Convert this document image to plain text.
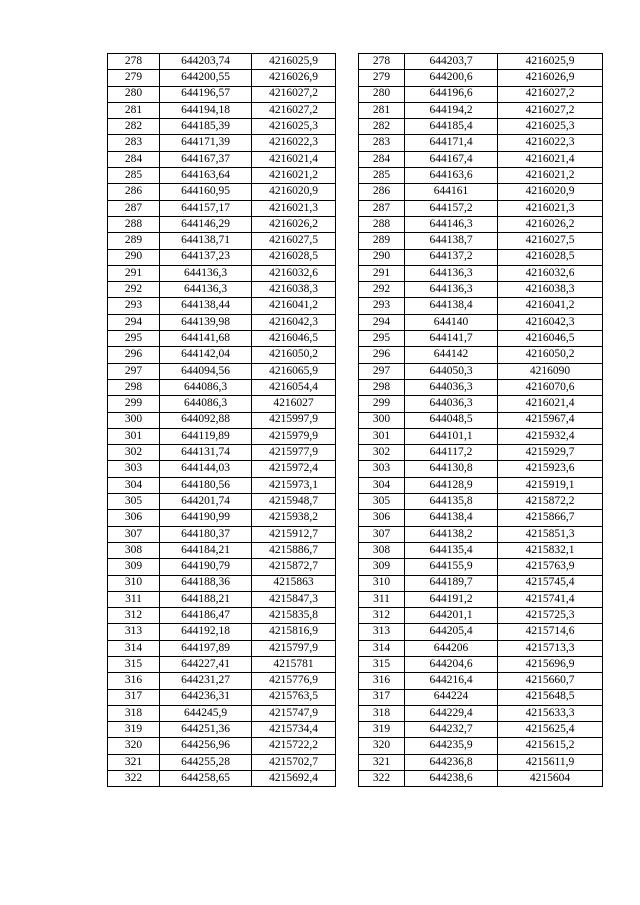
278	644203,74	4216025,9
279	644200,55	4216026,9
280	644196,57	4216027,2
281	644194,18	4216027,2
282	644185,39	4216025,3
283	644171,39	4216022,3
284	644167,37	4216021,4
285	644163,64	4216021,2
286	644160,95	4216020,9
287	644157,17	4216021,3
288	644146,29	4216026,2
289	644138,71	4216027,5
290	644137,23	4216028,5
291	644136,3	4216032,6
292	644136,3	4216038,3
293	644138,44	4216041,2
294	644139,98	4216042,3
295	644141,68	4216046,5
296	644142,04	4216050,2
297	644094,56	4216065,9
298	644086,3	4216054,4
299	644086,3	4216027
300	644092,88	4215997,9
301	644119,89	4215979,9
302	644131,74	4215977,9
303	644144,03	4215972,4
304	644180,56	4215973,1
305	644201,74	4215948,7
306	644190,99	4215938,2
307	644180,37	4215912,7
308	644184,21	4215886,7
309	644190,79	4215872,7
310	644188,36	4215863
311	644188,21	4215847,3
312	644186,47	4215835,8
313	644192,18	4215816,9
314	644197,89	4215797,9
315	644227,41	4215781
316	644231,27	4215776,9
317	644236,31	4215763,5
318	644245,9	4215747,9
319	644251,36	4215734,4
320	644256,96	4215722,2
321	644255,28	4215702,7
322	644258,65	4215692,4
278	644203,7	4216025,9
279	644200,6	4216026,9
280	644196,6	4216027,2
281	644194,2	4216027,2
282	644185,4	4216025,3
283	644171,4	4216022,3
284	644167,4	4216021,4
285	644163,6	4216021,2
286	644161	4216020,9
287	644157,2	4216021,3
288	644146,3	4216026,2
289	644138,7	4216027,5
290	644137,2	4216028,5
291	644136,3	4216032,6
292	644136,3	4216038,3
293	644138,4	4216041,2
294	644140	4216042,3
295	644141,7	4216046,5
296	644142	4216050,2
297	644050,3	4216090
298	644036,3	4216070,6
299	644036,3	4216021,4
300	644048,5	4215967,4
301	644101,1	4215932,4
302	644117,2	4215929,7
303	644130,8	4215923,6
304	644128,9	4215919,1
305	644135,8	4215872,2
306	644138,4	4215866,7
307	644138,2	4215851,3
308	644135,4	4215832,1
309	644155,9	4215763,9
310	644189,7	4215745,4
311	644191,2	4215741,4
312	644201,1	4215725,3
313	644205,4	4215714,6
314	644206	4215713,3
315	644204,6	4215696,9
316	644216,4	4215660,7
317	644224	4215648,5
318	644229,4	4215633,3
319	644232,7	4215625,4
320	644235,9	4215615,2
321	644236,8	4215611,9
322	644238,6	4215604
